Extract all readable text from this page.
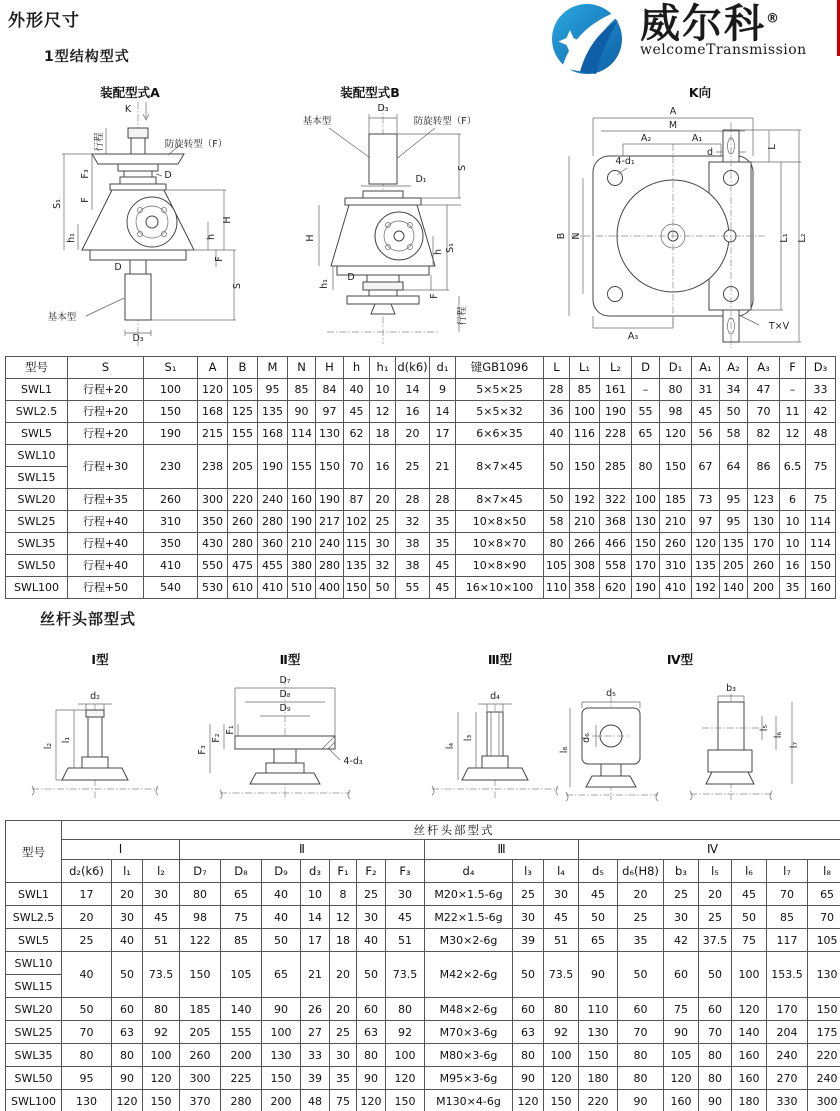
外形尺寸
1型结构型式
威尔科®
welcomeTransmission
装配型式A	装配型式B	K向
K
行程	防旋转型（F）
D
F₃
F
S₁
h₁
H
h
F
S
D
D₃
基本型
基本型
D₃
防旋转型（F）
D₁
S
H
h S₁
h₁
D
F
行程
A
M
A₂	A₁
4-d₁
d	L
L₁ L₂
B N
A₃
T×V
型号	S	S₁	A	B	M	N	H	h	h₁	d(k6)	d₁	键GB1096	L	L₁	L₂	D	D₁	A₁	A₂	A₃	F	D₃
SWL1	行程+20	100	120	105	95	85	84	40	10	14	9	5×5×25	28	85	161	–	80	31	34	47	–	33
SWL2.5	行程+20	150	168	125	135	90	97	45	12	16	14	5×5×32	36	100	190	55	98	45	50	70	11	42
SWL5	行程+20	190	215	155	168	114	130	62	18	20	17	6×6×35	40	116	228	65	120	56	58	82	12	48
SWL10	行程+30	230	238	205	190	155	150	70	16	25	21	8×7×45	50	150	285	80	150	67	64	86	6.5	75
SWL15																						
SWL20	行程+35	260	300	220	240	160	190	87	20	28	28	8×7×45	50	192	322	100	185	73	95	123	6	75
SWL25	行程+40	310	350	260	280	190	217	102	25	32	35	10×8×50	58	210	368	130	210	97	95	130	10	114
SWL35	行程+40	350	430	280	360	210	240	115	30	38	35	10×8×70	80	266	466	150	260	120	135	170	10	114
SWL50	行程+40	410	550	475	455	380	280	135	32	38	45	10×8×90	105	308	558	170	310	135	205	260	16	150
SWL100	行程+50	540	530	610	410	510	400	150	50	55	45	16×10×100	110	358	620	190	410	192	140	200	35	160
丝杆头部型式
Ⅰ型	Ⅱ型	Ⅲ型	Ⅳ型
d₂
l₁
l₂
D₇
D₈
D₉
F₁
F₂
F₃
4-d₃
d₄
l₃
l₄
d₅
d₆
l₈
b₃
l₅
l₆
l₇
型号	丝杆头部型式																			
	Ⅰ			Ⅱ							Ⅲ			Ⅳ						
	d₂(k6)	l₁	l₂	D₇	D₈	D₉	d₃	F₁	F₂	F₃	d₄	l₃	l₄	d₅	d₆(H8)	b₃	l₅	l₆	l₇	l₈
SWL1	17	20	30	80	65	40	10	8	25	30	M20×1.5-6g	25	30	45	20	25	20	45	70	65
SWL2.5	20	30	45	98	75	40	14	12	30	45	M22×1.5-6g	30	45	50	25	30	25	50	85	70
SWL5	25	40	51	122	85	50	17	18	40	51	M30×2-6g	39	51	65	35	42	37.5	75	117	105
SWL10	40	50	73.5	150	105	65	21	20	50	73.5	M42×2-6g	50	73.5	90	50	60	50	100	153.5	130
SWL15																				
SWL20	50	60	80	185	140	90	26	20	60	80	M48×2-6g	60	80	110	60	75	60	120	170	150
SWL25	70	63	92	205	155	100	27	25	63	92	M70×3-6g	63	92	130	70	90	70	140	204	175
SWL35	80	80	100	260	200	130	33	30	80	100	M80×3-6g	80	100	150	80	105	80	160	240	220
SWL50	95	90	120	300	225	150	39	35	90	120	M95×3-6g	90	120	180	80	120	80	160	270	240
SWL100	130	120	150	370	280	200	48	75	120	150	M130×4-6g	120	150	220	90	160	90	180	330	300
